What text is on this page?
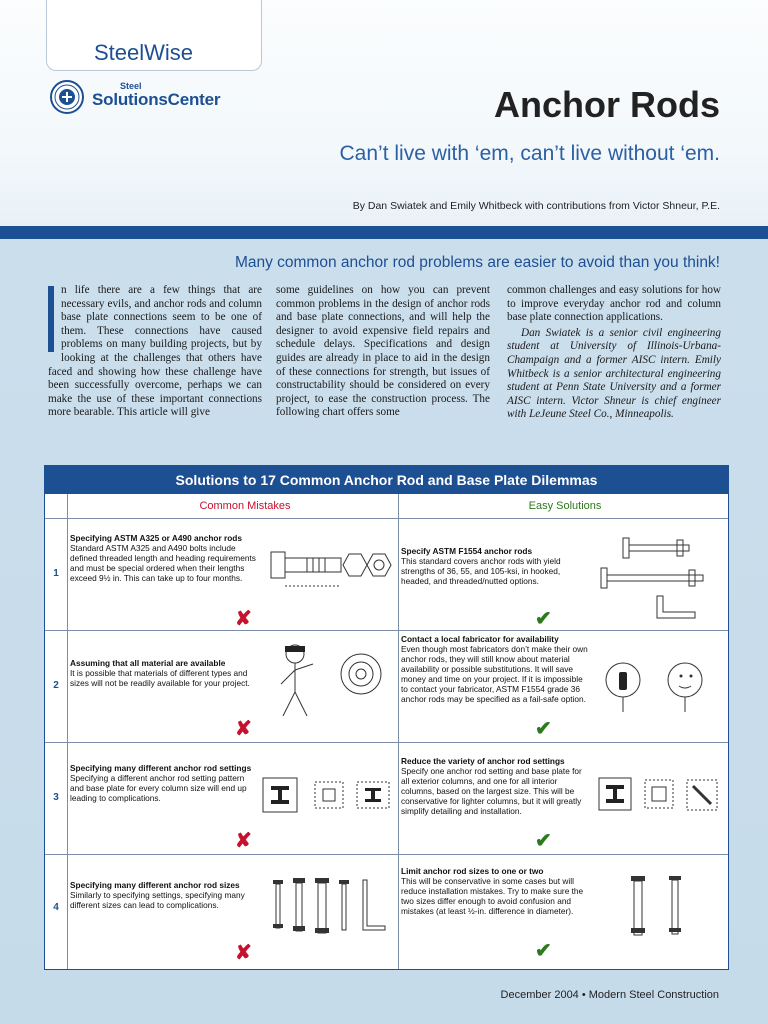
SteelWise
Steel
SolutionsCenter	Anchor Rods
Can’t live with ‘em, can’t live without ‘em.
By Dan Swiatek and Emily Whitbeck with contributions from Victor Shneur, P.E.
Many common anchor rod problems are easier to avoid than you think!
n life there are a few things that are necessary evils, and anchor rods and column base plate connections seem to be one of them. These connections have caused problems on many building projects, but by looking at the challenges that others have faced and showing how these challenge have been successfully overcome, perhaps we can make the use of these important connections more bearable. This article will give
some guidelines on how you can prevent common problems in the design of anchor rods and base plate connections, and will help the designer to avoid expensive field repairs and schedule delays. Specifications and design guides are already in place to aid in the design of these connections for strength, but issues of constructability should be considered on every project, to ease the construction process. The following chart offers some
common challenges and easy solutions for how to improve everyday anchor rod and column base plate connection applications.
Dan Swiatek is a senior civil engineering student at University of Illinois-Urbana-Champaign and a former AISC intern. Emily Whitbeck is a senior architectural engineering student at Penn State University and a former AISC intern. Victor Shneur is chief engineer with LeJeune Steel Co., Minneapolis.
Solutions to 17 Common Anchor Rod and Base Plate Dilemmas
Common Mistakes	Easy Solutions
1
Specifying ASTM A325 or A490 anchor rods
Standard ASTM A325 and A490 bolts include defined threaded length and heading requirements and must be special ordered when their lengths exceed 9½ in. This can take up to four months.
✘
Specify ASTM F1554 anchor rods
This standard covers anchor rods with yield strengths of 36, 55, and 105-ksi, in hooked, headed, and threaded/nutted options.
✔
2
Assuming that all material are available
It is possible that materials of different types and sizes will not be readily available for your project.
✘
Contact a local fabricator for availability
Even though most fabricators don’t make their own anchor rods, they will still know about material availability or possible substitutions. It will save money and time on your project. If it is impossible to contact your fabricator, ASTM F1554 grade 36 anchor rods may be specified as a fail-safe option.
✔
3
Specifying many different anchor rod settings
Specifying a different anchor rod setting pattern and base plate for every column size will end up leading to complications.
✘
Reduce the variety of anchor rod settings
Specify one anchor rod setting and base plate for all exterior columns, and one for all interior columns, based on the largest size. This will be conservative for lighter columns, but it will greatly simplify detailing and installation.
✔
4
Specifying many different anchor rod sizes
Similarly to specifying settings, specifying many different sizes can lead to complications.
✘
Limit anchor rod sizes to one or two
This will be conservative in some cases but will reduce installation mistakes. Try to make sure the two sizes differ enough to avoid confusion and mistakes (at least ½-in. difference in diameter).
✔
December 2004 • Modern Steel Construction
